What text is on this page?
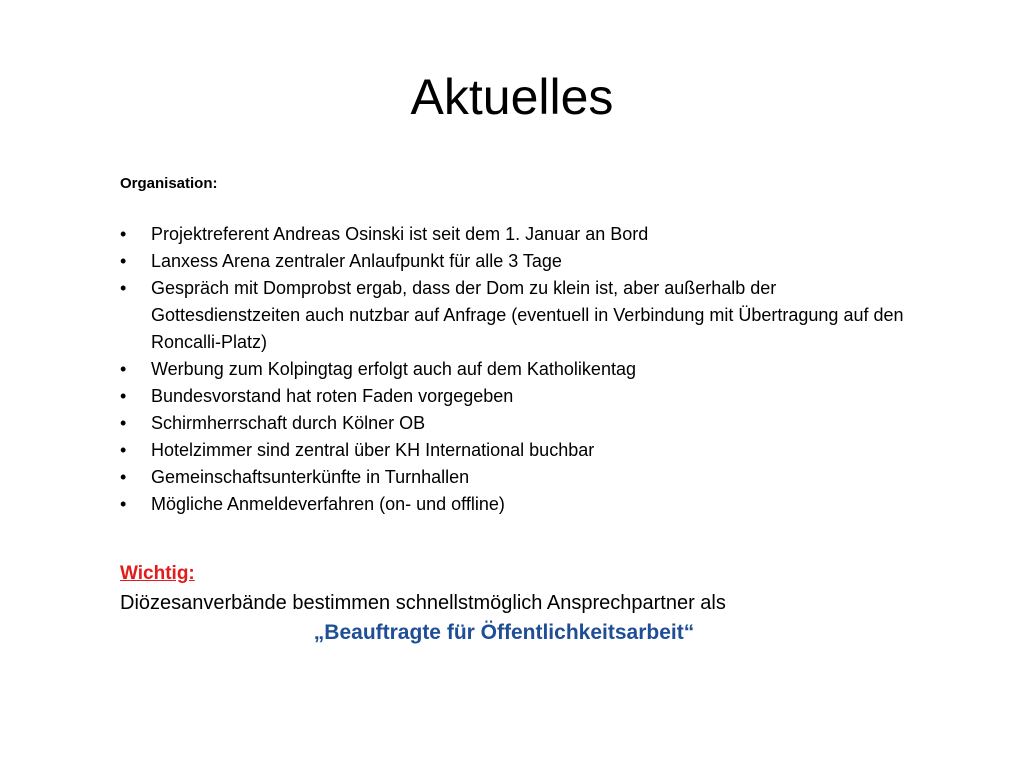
Aktuelles
Organisation:
•	Projektreferent Andreas Osinski ist seit dem 1. Januar an Bord
•	Lanxess Arena zentraler Anlaufpunkt für alle 3 Tage
•	Gespräch mit Domprobst ergab, dass der Dom zu klein ist, aber außerhalb der Gottesdienstzeiten auch nutzbar auf Anfrage (eventuell in Verbindung mit Übertragung auf den Roncalli-Platz)
•	Werbung zum Kolpingtag erfolgt auch auf dem Katholikentag
•	Bundesvorstand hat roten Faden vorgegeben
•	Schirmherrschaft durch Kölner OB
•	Hotelzimmer sind zentral über KH International buchbar
•	Gemeinschaftsunterkünfte in Turnhallen
•	Mögliche Anmeldeverfahren (on- und offline)
Wichtig:
Diözesanverbände bestimmen schnellstmöglich Ansprechpartner als
„Beauftragte für Öffentlichkeitsarbeit“
